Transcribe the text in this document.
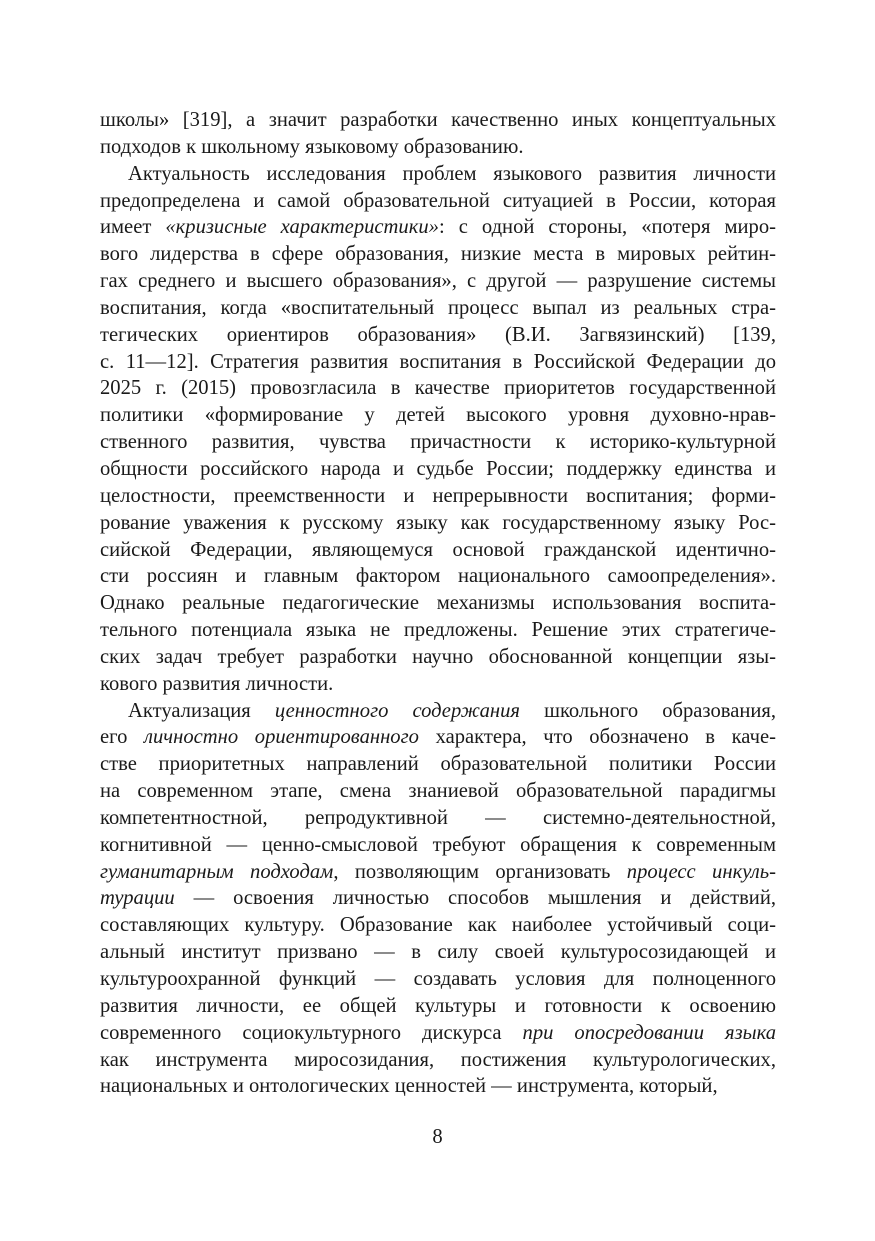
школы» [319], а значит разработки качественно иных концептуальных
подходов к школьному языковому образованию.
Актуальность исследования проблем языкового развития личности
предопределена и самой образовательной ситуацией в России, которая
имеет «кризисные характеристики»: с одной стороны, «потеря миро-
вого лидерства в сфере образования, низкие места в мировых рейтин-
гах среднего и высшего образования», с другой — разрушение системы
воспитания, когда «воспитательный процесс выпал из реальных стра-
тегических ориентиров образования» (В.И. Загвязинский) [139,
с. 11—12]. Стратегия развития воспитания в Российской Федерации до
2025 г. (2015) провозгласила в качестве приоритетов государственной
политики «формирование у детей высокого уровня духовно-нрав-
ственного развития, чувства причастности к историко-культурной
общности российского народа и судьбе России; поддержку единства и
целостности, преемственности и непрерывности воспитания; форми-
рование уважения к русскому языку как государственному языку Рос-
сийской Федерации, являющемуся основой гражданской идентично-
сти россиян и главным фактором национального самоопределения».
Однако реальные педагогические механизмы использования воспита-
тельного потенциала языка не предложены. Решение этих стратегиче-
ских задач требует разработки научно обоснованной концепции язы-
кового развития личности.
Актуализация ценностного содержания школьного образования,
его личностно ориентированного характера, что обозначено в каче-
стве приоритетных направлений образовательной политики России
на современном этапе, смена знаниевой образовательной парадигмы
компетентностной, репродуктивной — системно-деятельностной,
когнитивной — ценно-смысловой требуют обращения к современным
гуманитарным подходам, позволяющим организовать процесс инкуль-
турации — освоения личностью способов мышления и действий,
составляющих культуру. Образование как наиболее устойчивый соци-
альный институт призвано — в силу своей культуросозидающей и
культуроохранной функций — создавать условия для полноценного
развития личности, ее общей культуры и готовности к освоению
современного социокультурного дискурса при опосредовании языка
как инструмента миросозидания, постижения культурологических,
национальных и онтологических ценностей — инструмента, который,
8
